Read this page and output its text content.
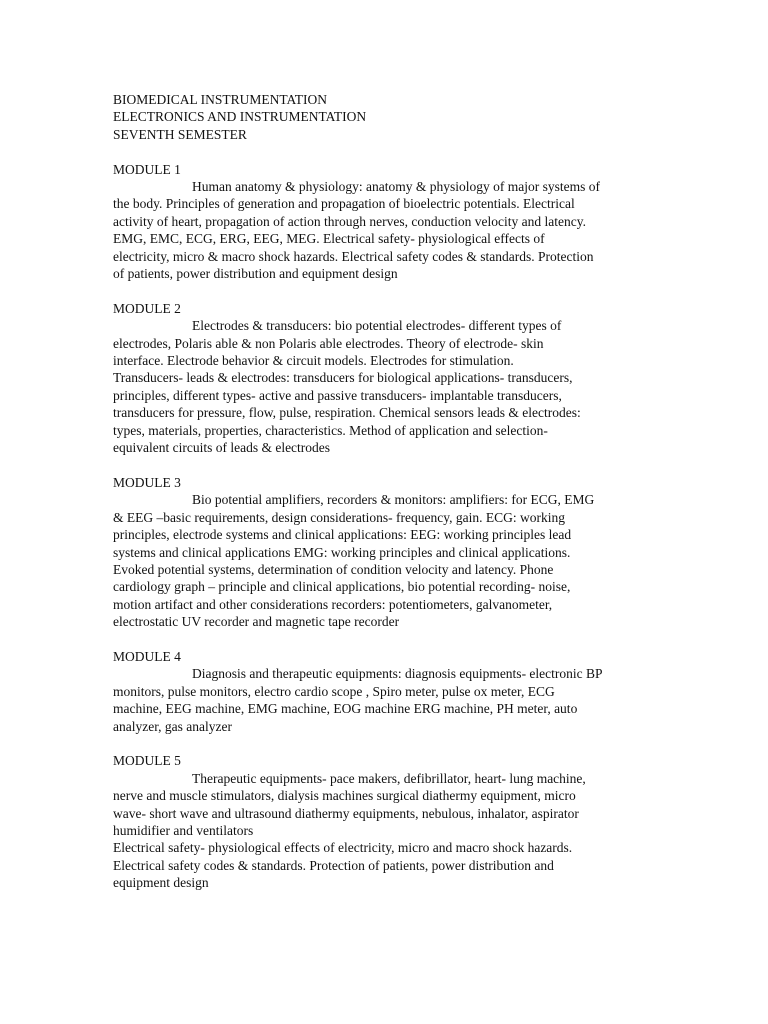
BIOMEDICAL INSTRUMENTATION
ELECTRONICS AND INSTRUMENTATION
SEVENTH SEMESTER
MODULE 1
Human anatomy & physiology: anatomy & physiology of major systems of
the body. Principles of generation and propagation of bioelectric potentials. Electrical
activity of heart, propagation of action through nerves, conduction velocity and latency.
EMG, EMC, ECG, ERG, EEG, MEG. Electrical safety- physiological effects of
electricity, micro & macro shock hazards. Electrical safety codes & standards. Protection
of patients, power distribution and equipment design
MODULE 2
Electrodes & transducers: bio potential electrodes- different types of
electrodes, Polaris able & non Polaris able electrodes. Theory of electrode- skin
interface. Electrode behavior & circuit models. Electrodes for stimulation.
Transducers- leads & electrodes: transducers for biological applications- transducers,
principles, different types- active and passive transducers- implantable transducers,
transducers for pressure, flow, pulse, respiration. Chemical sensors leads & electrodes:
types, materials, properties, characteristics. Method of application and selection-
equivalent circuits of leads & electrodes
MODULE 3
Bio potential amplifiers, recorders & monitors: amplifiers: for ECG, EMG
& EEG –basic requirements, design considerations- frequency, gain. ECG: working
principles, electrode systems and clinical applications: EEG: working principles lead
systems and clinical applications EMG: working principles and clinical applications.
Evoked potential systems, determination of condition velocity and latency. Phone
cardiology graph – principle and clinical applications, bio potential recording- noise,
motion artifact and other considerations recorders: potentiometers, galvanometer,
electrostatic UV recorder and magnetic tape recorder
MODULE 4
Diagnosis and therapeutic equipments: diagnosis equipments- electronic BP
monitors, pulse monitors, electro cardio scope , Spiro meter, pulse ox meter, ECG
machine, EEG machine, EMG machine, EOG machine ERG machine, PH meter, auto
analyzer, gas analyzer
MODULE 5
Therapeutic equipments- pace makers, defibrillator, heart- lung machine,
nerve and muscle stimulators, dialysis machines surgical diathermy equipment, micro
wave- short wave and ultrasound diathermy equipments, nebulous, inhalator, aspirator
humidifier and ventilators
Electrical safety- physiological effects of electricity, micro and macro shock hazards.
Electrical safety codes & standards. Protection of patients, power distribution and
equipment design
